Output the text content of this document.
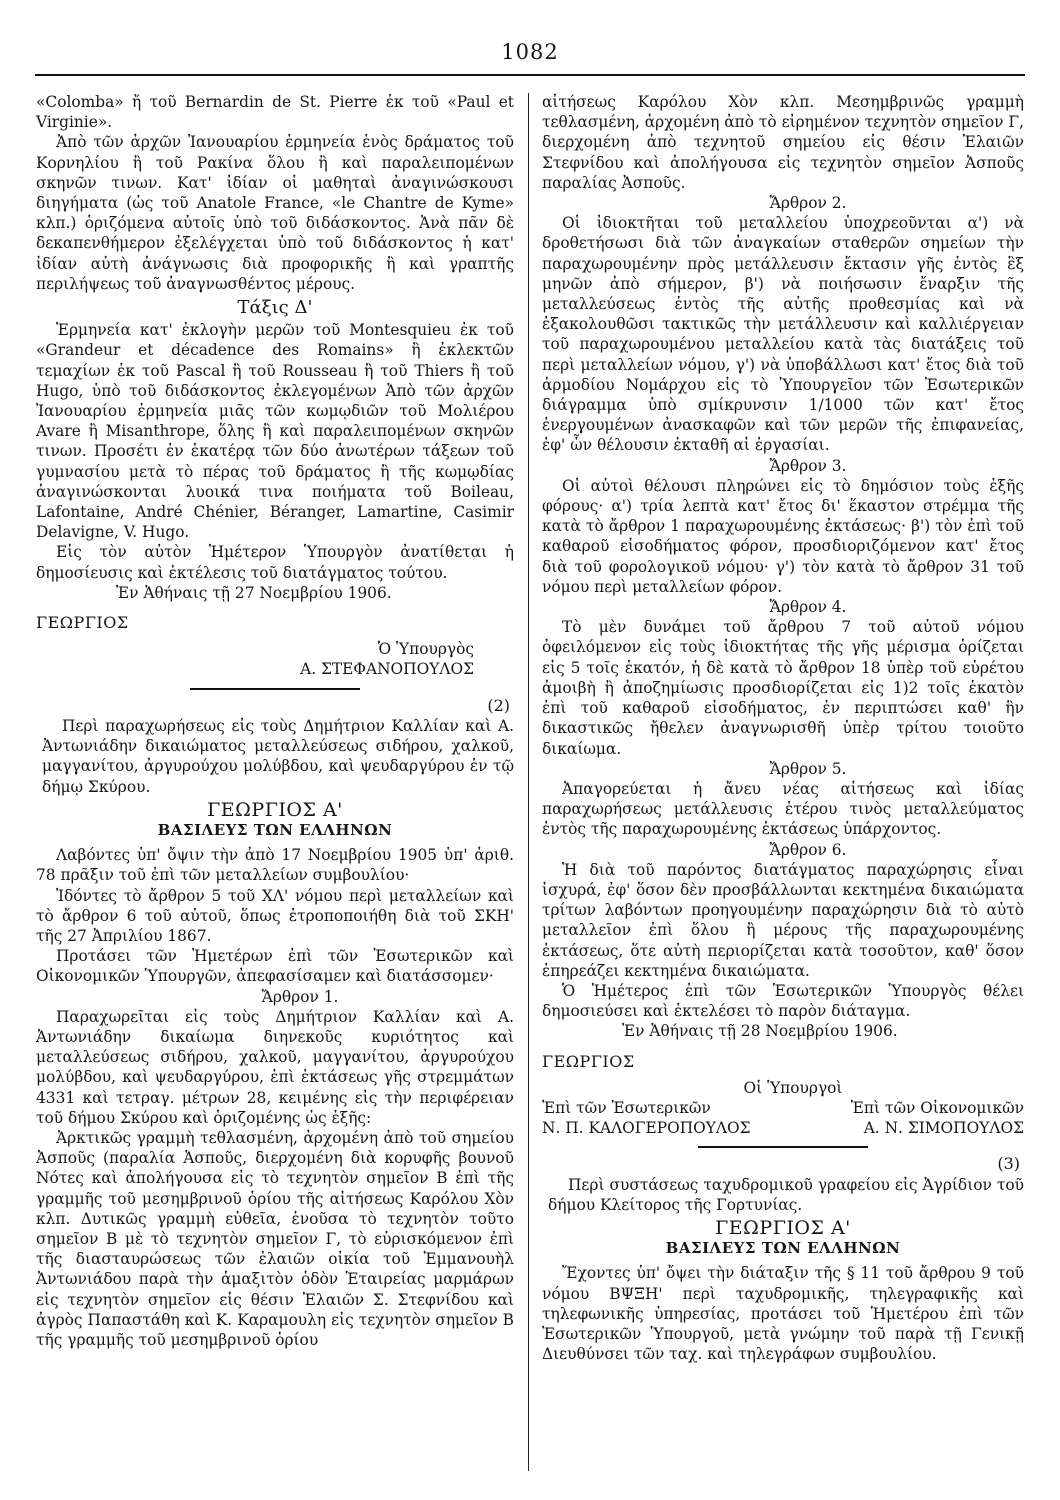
1082

«Colomba» ἤ τοῦ Bernardin de St. Pierre ἐκ τοῦ «Paul et Virginie».

Ἀπὸ τῶν ἀρχῶν Ἰανουαρίου ἑρμηνεία ἑνὸς δράματος τοῦ Κορνηλίου ἢ τοῦ Ρακίνα ὅλου ἢ καὶ παραλειπομένων σκηνῶν τινων. Κατ' ἰδίαν οἱ μαθηταὶ ἀναγινώσκουσι διηγήματα (ὡς τοῦ Anatole France, «le Chantre de Kyme» κλπ.) ὁριζόμενα αὐτοῖς ὑπὸ τοῦ διδάσκοντος. Ἀνὰ πᾶν δὲ δεκαπενθήμερον ἐξελέγχεται ὑπὸ τοῦ διδάσκοντος ἡ κατ' ἰδίαν αὐτὴ ἀνάγνωσις διὰ προφορικῆς ἢ καὶ γραπτῆς περιλήψεως τοῦ ἀναγνωσθέντος μέρους.

Τάξις Δ'

Ἑρμηνεία κατ' ἐκλογὴν μερῶν τοῦ Montesquieu ἐκ τοῦ «Grandeur et décadence des Romains» ἢ ἐκλεκτῶν τεμαχίων ἐκ τοῦ Pascal ἢ τοῦ Rousseau ἢ τοῦ Thiers ἢ τοῦ Hugo, ὑπὸ τοῦ διδάσκοντος ἐκλεγομένων Ἀπὸ τῶν ἀρχῶν Ἰανουαρίου ἑρμηνεία μιᾶς τῶν κωμῳδιῶν τοῦ Μολιέρου Avare ἢ Misanthrope, ὅλης ἢ καὶ παραλειπομένων σκηνῶν τινων. Προσέτι ἐν ἑκατέρᾳ τῶν δύο ἀνωτέρων τάξεων τοῦ γυμνασίου μετὰ τὸ πέρας τοῦ δράματος ἢ τῆς κωμῳδίας ἀναγινώσκονται λυοικά τινα ποιήματα τοῦ Boileau, Lafontaine, André Chénier, Béranger, Lamartine, Casimir Delavigne, V. Hugo.

Εἰς τὸν αὐτὸν Ἡμέτερον Ὑπουργὸν ἀνατίθεται ἡ δημοσίευσις καὶ ἐκτέλεσις τοῦ διατάγματος τούτου.

Ἐν Ἀθήναις τῇ 27 Νοεμβρίου 1906.

ΓΕΩΡΓΙΟΣ

Ὁ Ὑπουργὸς

Α. ΣΤΕΦΑΝΟΠΟΥΛΟΣ

(2)

Περὶ παραχωρήσεως εἰς τοὺς Δημήτριον Καλλίαν καὶ Α. Ἀντωνιάδην δικαιώματος μεταλλεύσεως σιδήρου, χαλκοῦ, μαγγανίτου, ἀργυρούχου μολύβδου, καὶ ψευδαργύρου ἐν τῷ δήμῳ Σκύρου.

ΓΕΩΡΓΙΟΣ Α'
ΒΑΣΙΛΕΥΣ ΤΩΝ ΕΛΛΗΝΩΝ

Λαβόντες ὑπ' ὄψιν τὴν ἀπὸ 17 Νοεμβρίου 1905 ὑπ' ἀριθ. 78 πρᾶξιν τοῦ ἐπὶ τῶν μεταλλείων συμβουλίου·

Ἰδόντες τὸ ἄρθρον 5 τοῦ ΧΛ' νόμου περὶ μεταλλείων καὶ τὸ ἄρθρον 6 τοῦ αὐτοῦ, ὅπως ἐτροποποιήθη διὰ τοῦ ΣΚΗ' τῆς 27 Ἀπριλίου 1867.

Προτάσει τῶν Ἡμετέρων ἐπὶ τῶν Ἐσωτερικῶν καὶ Οἰκονομικῶν Ὑπουργῶν, ἀπεφασίσαμεν καὶ διατάσσομεν·

Ἄρθρον 1.

Παραχωρεῖται εἰς τοὺς Δημήτριον Καλλίαν καὶ Α. Ἀντωνιάδην δικαίωμα διηνεκοῦς κυριότητος καὶ μεταλλεύσεως σιδήρου, χαλκοῦ, μαγγανίτου, ἀργυρούχου μολύβδου, καὶ ψευδαργύρου, ἐπὶ ἐκτάσεως γῆς στρεμμάτων 4331 καὶ τετραγ. μέτρων 28, κειμένης εἰς τὴν περιφέρειαν τοῦ δήμου Σκύρου καὶ ὁριζομένης ὡς ἑξῆς:

Ἀρκτικῶς γραμμὴ τεθλασμένη, ἀρχομένη ἀπὸ τοῦ σημείου Ἀσποῦς (παραλία Ἀσποῦς, διερχομένη διὰ κορυφῆς βουνοῦ Νότες καὶ ἀπολήγουσα εἰς τὸ τεχνητὸν σημεῖον Β ἐπὶ τῆς γραμμῆς τοῦ μεσημβρινοῦ ὁρίου τῆς αἰτήσεως Καρόλου Χὸν κλπ. Δυτικῶς γραμμὴ εὐθεῖα, ἑνοῦσα τὸ τεχνητὸν τοῦτο σημεῖον Β μὲ τὸ τεχνητὸν σημεῖον Γ, τὸ εὑρισκόμενον ἐπὶ τῆς διασταυρώσεως τῶν ἐλαιῶν οἰκία τοῦ Ἐμμανουὴλ Ἀντωνιάδου παρὰ τὴν ἁμαξιτὸν ὁδὸν Ἑταιρείας μαρμάρων εἰς τεχνητὸν σημεῖον εἰς θέσιν Ἐλαιῶν Σ. Στεφνίδου καὶ ἀγρὸς Παπαστάθη καὶ Κ. Καραμουλη εἰς τεχνητὸν σημεῖον Β τῆς γραμμῆς τοῦ μεσημβρινοῦ ὁρίου

αἰτήσεως Καρόλου Χὸν κλπ. Μεσημβρινῶς γραμμὴ τεθλασμένη, ἀρχομένη ἀπὸ τὸ εἰρημένον τεχνητὸν σημεῖον Γ, διερχομένη ἀπὸ τεχνητοῦ σημείου εἰς θέσιν Ἐλαιῶν Στεφνίδου καὶ ἀπολήγουσα εἰς τεχνητὸν σημεῖον Ἀσποῦς παραλίας Ἀσποῦς.

Ἄρθρον 2.

Οἱ ἰδιοκτῆται τοῦ μεταλλείου ὑποχρεοῦνται α') νὰ δροθετήσωσι διὰ τῶν ἀναγκαίων σταθερῶν σημείων τὴν παραχωρουμένην πρὸς μετάλλευσιν ἔκτασιν γῆς ἐντὸς ἓξ μηνῶν ἀπὸ σήμερον, β') νὰ ποιήσωσιν ἔναρξιν τῆς μεταλλεύσεως ἐντὸς τῆς αὐτῆς προθεσμίας καὶ νὰ ἐξακολουθῶσι τακτικῶς τὴν μετάλλευσιν καὶ καλλιέργειαν τοῦ παραχωρουμένου μεταλλείου κατὰ τὰς διατάξεις τοῦ περὶ μεταλλείων νόμου, γ') νὰ ὑποβάλλωσι κατ' ἔτος διὰ τοῦ ἁρμοδίου Νομάρχου εἰς τὸ Ὑπουργεῖον τῶν Ἐσωτερικῶν διάγραμμα ὑπὸ σμίκρυνσιν 1/1000 τῶν κατ' ἔτος ἐνεργουμένων ἀνασκαφῶν καὶ τῶν μερῶν τῆς ἐπιφανείας, ἐφ' ὧν θέλουσιν ἐκταθῆ αἱ ἐργασίαι.

Ἄρθρον 3.

Οἱ αὐτοὶ θέλουσι πληρώνει εἰς τὸ δημόσιον τοὺς ἑξῆς φόρους· α') τρία λεπτὰ κατ' ἔτος δι' ἕκαστον στρέμμα τῆς κατὰ τὸ ἄρθρον 1 παραχωρουμένης ἐκτάσεως· β') τὸν ἐπὶ τοῦ καθαροῦ εἰσοδήματος φόρον, προσδιοριζόμενον κατ' ἔτος διὰ τοῦ φορολογικοῦ νόμου· γ') τὸν κατὰ τὸ ἄρθρον 31 τοῦ νόμου περὶ μεταλλείων φόρον.

Ἄρθρον 4.

Τὸ μὲν δυνάμει τοῦ ἄρθρου 7 τοῦ αὐτοῦ νόμου ὀφειλόμενον εἰς τοὺς ἰδιοκτήτας τῆς γῆς μέρισμα ὁρίζεται εἰς 5 τοῖς ἑκατόν, ἡ δὲ κατὰ τὸ ἄρθρον 18 ὑπὲρ τοῦ εὑρέτου ἀμοιβὴ ἢ ἀποζημίωσις προσδιορίζεται εἰς 1)2 τοῖς ἑκατὸν ἐπὶ τοῦ καθαροῦ εἰσοδήματος, ἐν περιπτώσει καθ' ἣν δικαστικῶς ἤθελεν ἀναγνωρισθῆ ὑπὲρ τρίτου τοιοῦτο δικαίωμα.

Ἄρθρον 5.

Ἀπαγορεύεται ἡ ἄνευ νέας αἰτήσεως καὶ ἰδίας παραχωρήσεως μετάλλευσις ἑτέρου τινὸς μεταλλεύματος ἐντὸς τῆς παραχωρουμένης ἐκτάσεως ὑπάρχοντος.

Ἄρθρον 6.

Ἡ διὰ τοῦ παρόντος διατάγματος παραχώρησις εἶναι ἰσχυρά, ἐφ' ὅσον δὲν προσβάλλωνται κεκτημένα δικαιώματα τρίτων λαβόντων προηγουμένην παραχώρησιν διὰ τὸ αὐτὸ μεταλλεῖον ἐπὶ ὅλου ἢ μέρους τῆς παραχωρουμένης ἐκτάσεως, ὅτε αὐτὴ περιορίζεται κατὰ τοσοῦτον, καθ' ὅσον ἐπηρεάζει κεκτημένα δικαιώματα.

Ὁ Ἡμέτερος ἐπὶ τῶν Ἐσωτερικῶν Ὑπουργὸς θέλει δημοσιεύσει καὶ ἐκτελέσει τὸ παρὸν διάταγμα.

Ἐν Ἀθήναις τῇ 28 Νοεμβρίου 1906.

ΓΕΩΡΓΙΟΣ

Οἱ Ὑπουργοὶ

Ἐπὶ τῶν Ἐσωτερικῶν	Ἐπὶ τῶν Οἰκονομικῶν
Ν. Π. ΚΑΛΟΓΕΡΟΠΟΥΛΟΣ	Α. Ν. ΣΙΜΟΠΟΥΛΟΣ
(3)

Περὶ συστάσεως ταχυδρομικοῦ γραφείου εἰς Ἀγρίδιον τοῦ δήμου Κλείτορος τῆς Γορτυνίας.

ΓΕΩΡΓΙΟΣ Α'
ΒΑΣΙΛΕΥΣ ΤΩΝ ΕΛΛΗΝΩΝ

Ἔχοντες ὑπ' ὄψει τὴν διάταξιν τῆς § 11 τοῦ ἄρθρου 9 τοῦ νόμου ΒΨΞΗ' περὶ ταχυδρομικῆς, τηλεγραφικῆς καὶ τηλεφωνικῆς ὑπηρεσίας, προτάσει τοῦ Ἡμετέρου ἐπὶ τῶν Ἐσωτερικῶν Ὑπουργοῦ, μετὰ γνώμην τοῦ παρὰ τῇ Γενικῇ Διευθύνσει τῶν ταχ. καὶ τηλεγράφων συμβουλίου.
